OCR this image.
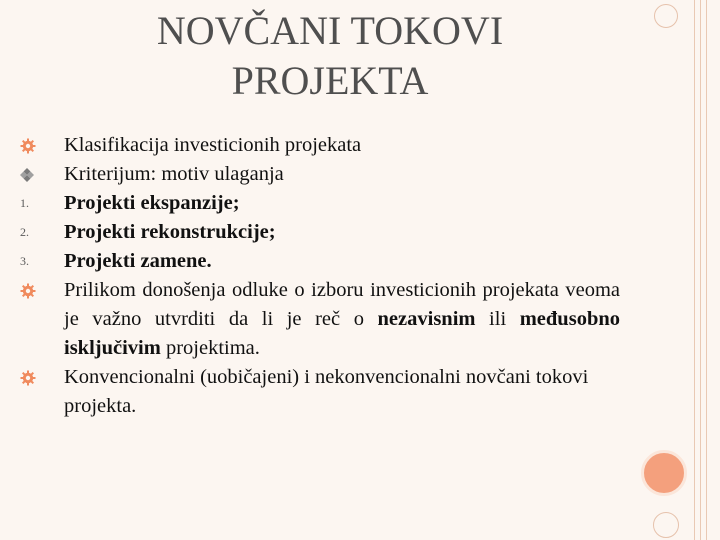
NOVČANI TOKOVI
PROJEKTA
Klasifikacija investicionih projekata
Kriterijum: motiv ulaganja
1.	Projekti ekspanzije;
2.	Projekti rekonstrukcije;
3.	Projekti zamene.
Prilikom donošenja odluke o izboru investicionih projekata veoma je važno utvrditi da li je reč o nezavisnim ili međusobno isključivim projektima.
Konvencionalni (uobičajeni) i nekonvencionalni novčani tokovi projekta.
